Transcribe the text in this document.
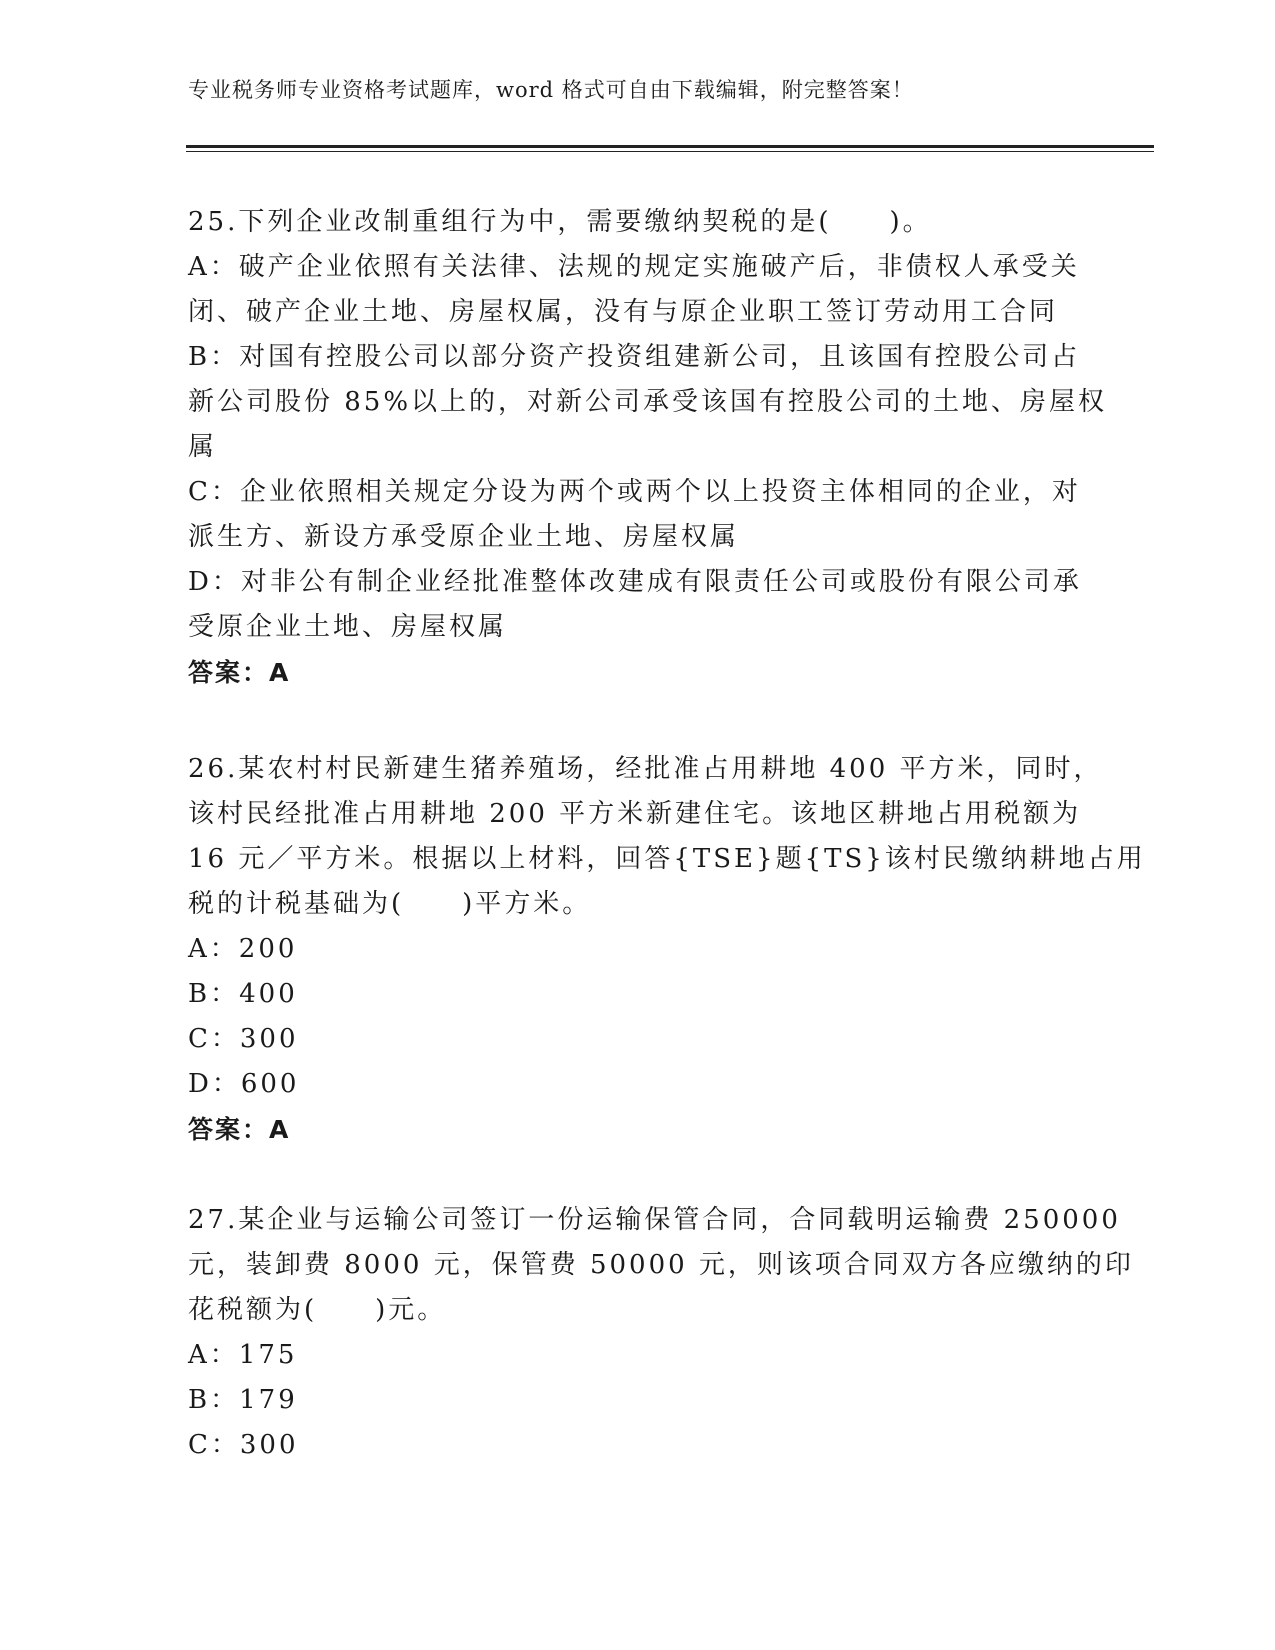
专业税务师专业资格考试题库，word 格式可自由下载编辑，附完整答案！
25.下列企业改制重组行为中，需要缴纳契税的是(　　)。
A：破产企业依照有关法律、法规的规定实施破产后，非债权人承受关
闭、破产企业土地、房屋权属，没有与原企业职工签订劳动用工合同
B：对国有控股公司以部分资产投资组建新公司，且该国有控股公司占
新公司股份 85%以上的，对新公司承受该国有控股公司的土地、房屋权
属
C：企业依照相关规定分设为两个或两个以上投资主体相同的企业，对
派生方、新设方承受原企业土地、房屋权属
D：对非公有制企业经批准整体改建成有限责任公司或股份有限公司承
受原企业土地、房屋权属
答案：A
26.某农村村民新建生猪养殖场，经批准占用耕地 400 平方米，同时，
该村民经批准占用耕地 200 平方米新建住宅。该地区耕地占用税额为
16 元／平方米。根据以上材料，回答{TSE}题{TS}该村民缴纳耕地占用
税的计税基础为(　　)平方米。
A：200
B：400
C：300
D：600
答案：A
27.某企业与运输公司签订一份运输保管合同，合同载明运输费 250000
元，装卸费 8000 元，保管费 50000 元，则该项合同双方各应缴纳的印
花税额为(　　)元。
A：175
B：179
C：300
